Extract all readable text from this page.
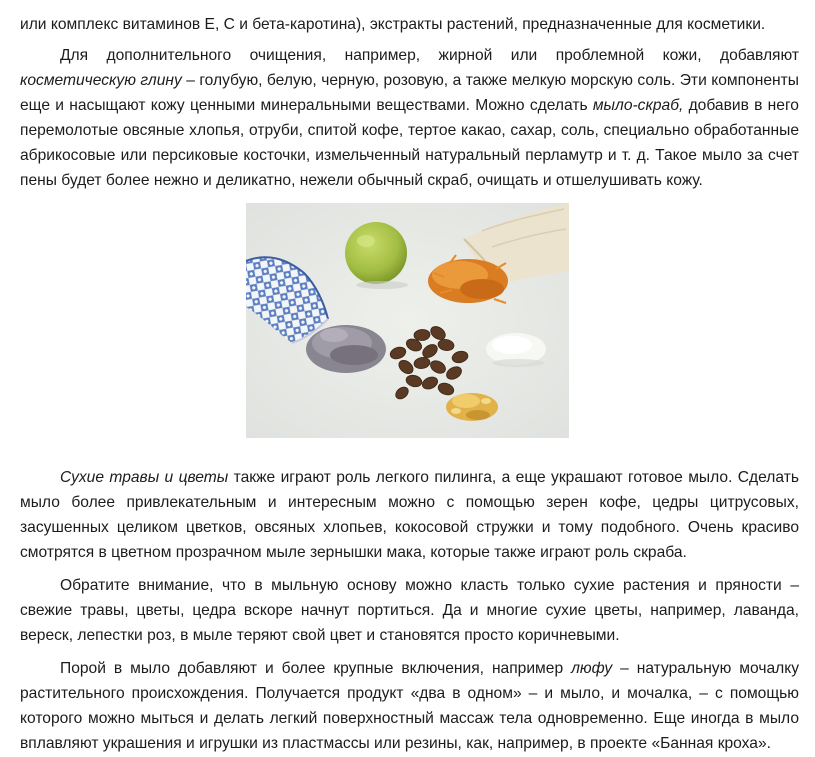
или комплекс витаминов Е, С и бета-каротина), экстракты растений, предназначенные для косметики.

Для дополнительного очищения, например, жирной или проблемной кожи, добавляют косметическую глину – голубую, белую, черную, розовую, а также мелкую морскую соль. Эти компоненты еще и насыщают кожу ценными минеральными веществами. Можно сделать мыло-скраб, добавив в него перемолотые овсяные хлопья, отруби, спитой кофе, тертое какао, сахар, соль, специально обработанные абрикосовые или персиковые косточки, измельченный натуральный перламутр и т. д. Такое мыло за счет пены будет более нежно и деликатно, нежели обычный скраб, очищать и отшелушивать кожу.

Сухие травы и цветы также играют роль легкого пилинга, а еще украшают готовое мыло. Сделать мыло более привлекательным и интересным можно с помощью зерен кофе, цедры цитрусовых, засушенных целиком цветков, овсяных хлопьев, кокосовой стружки и тому подобного. Очень красиво смотрятся в цветном прозрачном мыле зернышки мака, которые также играют роль скраба.

Обратите внимание, что в мыльную основу можно класть только сухие растения и пряности – свежие травы, цветы, цедра вскоре начнут портиться. Да и многие сухие цветы, например, лаванда, вереск, лепестки роз, в мыле теряют свой цвет и становятся просто коричневыми.

Порой в мыло добавляют и более крупные включения, например люфу – натуральную мочалку растительного происхождения. Получается продукт «два в одном» – и мыло, и мочалка, – с помощью которого можно мыться и делать легкий поверхностный массаж тела одновременно. Еще иногда в мыло вплавляют украшения и игрушки из пластмассы или резины, как, например, в проекте «Банная кроха».
